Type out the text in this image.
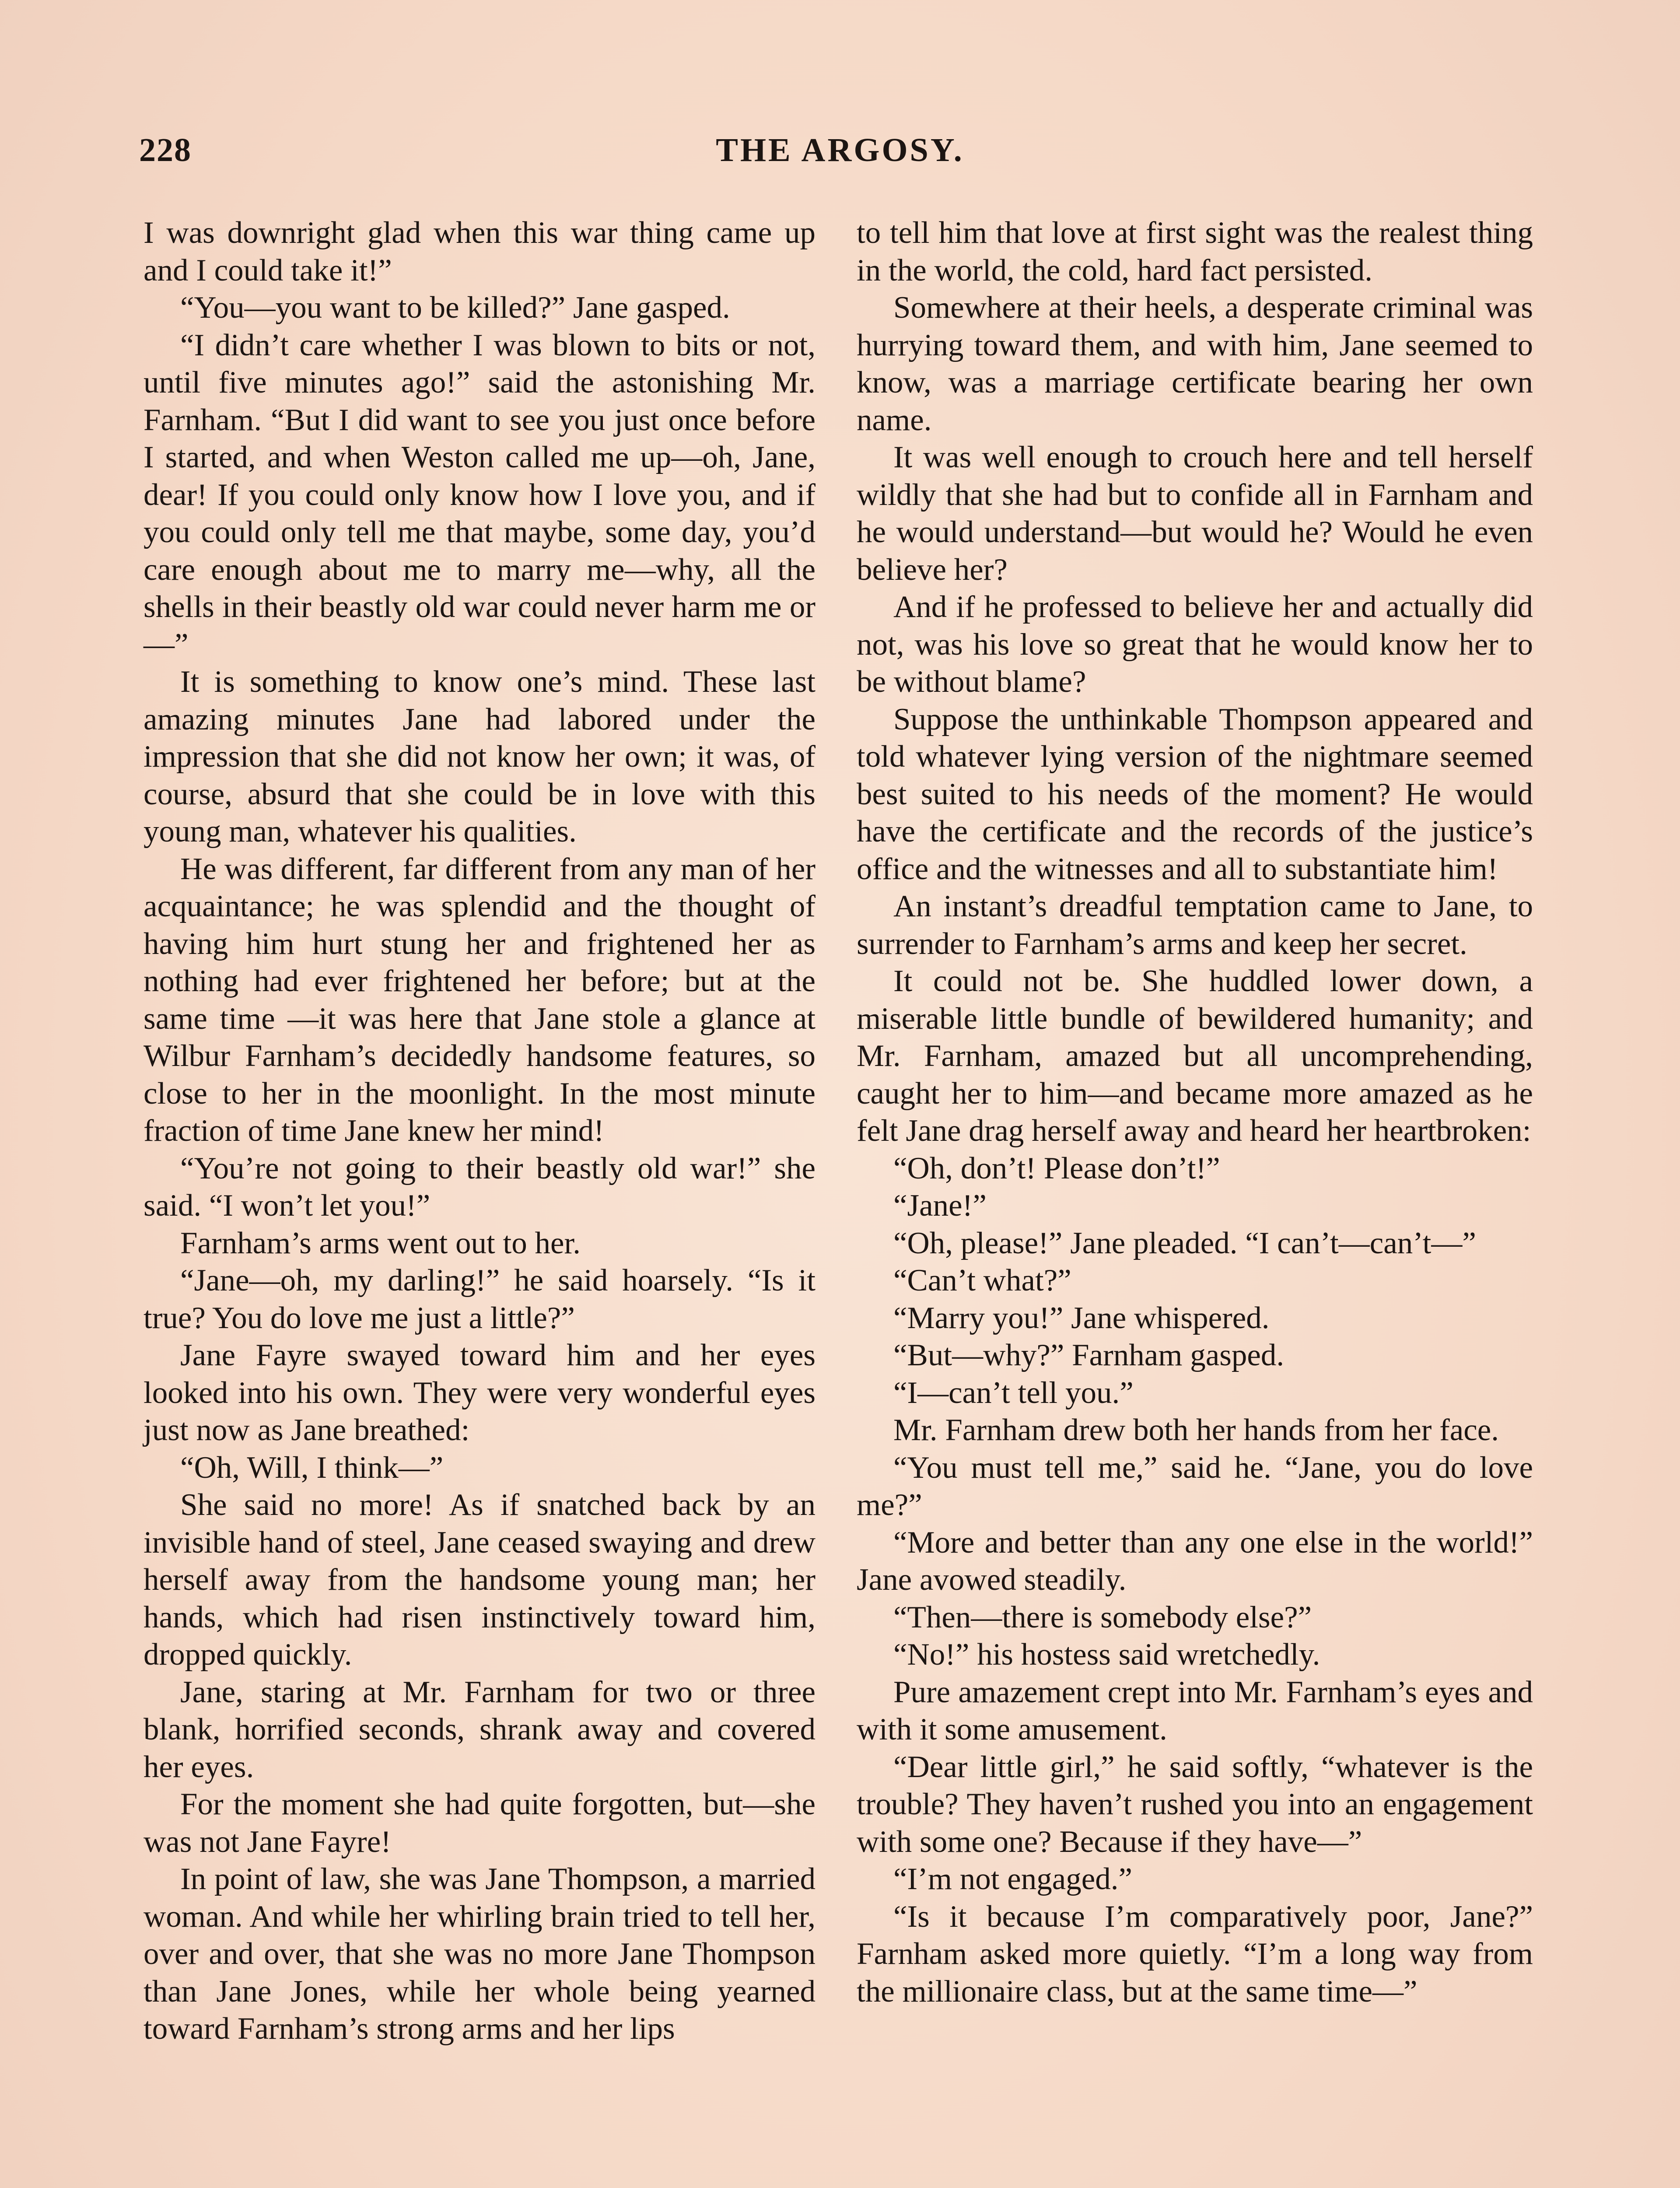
228	THE ARGOSY.

I was downright glad when this war thing came up and I could take it!”

“You—you want to be killed?” Jane gasped.

“I didn’t care whether I was blown to bits or not, until five minutes ago!” said the astonishing Mr. Farnham. “But I did want to see you just once before I started, and when Weston called me up—oh, Jane, dear! If you could only know how I love you, and if you could only tell me that maybe, some day, you’d care enough about me to marry me—why, all the shells in their beastly old war could never harm me or—”

It is something to know one’s mind. These last amazing minutes Jane had labored under the impression that she did not know her own; it was, of course, absurd that she could be in love with this young man, whatever his qualities.

He was different, far different from any man of her acquaintance; he was splendid and the thought of having him hurt stung her and frightened her as nothing had ever frightened her before; but at the same time —it was here that Jane stole a glance at Wilbur Farnham’s decidedly handsome features, so close to her in the moonlight. In the most minute fraction of time Jane knew her mind!

“You’re not going to their beastly old war!” she said. “I won’t let you!”

Farnham’s arms went out to her.

“Jane—oh, my darling!” he said hoarsely. “Is it true? You do love me just a little?”

Jane Fayre swayed toward him and her eyes looked into his own. They were very wonderful eyes just now as Jane breathed:

“Oh, Will, I think—”

She said no more! As if snatched back by an invisible hand of steel, Jane ceased swaying and drew herself away from the handsome young man; her hands, which had risen instinctively toward him, dropped quickly.

Jane, staring at Mr. Farnham for two or three blank, horrified seconds, shrank away and covered her eyes.

For the moment she had quite forgotten, but—she was not Jane Fayre!

In point of law, she was Jane Thompson, a married woman. And while her whirling brain tried to tell her, over and over, that she was no more Jane Thompson than Jane Jones, while her whole being yearned toward Farnham’s strong arms and her lips

to tell him that love at first sight was the realest thing in the world, the cold, hard fact persisted.

Somewhere at their heels, a desperate criminal was hurrying toward them, and with him, Jane seemed to know, was a marriage certificate bearing her own name.

It was well enough to crouch here and tell herself wildly that she had but to confide all in Farnham and he would understand—but would he? Would he even believe her?

And if he professed to believe her and actually did not, was his love so great that he would know her to be without blame?

Suppose the unthinkable Thompson appeared and told whatever lying version of the nightmare seemed best suited to his needs of the moment? He would have the certificate and the records of the justice’s office and the witnesses and all to substantiate him!

An instant’s dreadful temptation came to Jane, to surrender to Farnham’s arms and keep her secret.

It could not be. She huddled lower down, a miserable little bundle of bewildered humanity; and Mr. Farnham, amazed but all uncomprehending, caught her to him—and became more amazed as he felt Jane drag herself away and heard her heartbroken:

“Oh, don’t! Please don’t!”

“Jane!”

“Oh, please!” Jane pleaded. “I can’t—can’t—”

“Can’t what?”

“Marry you!” Jane whispered.

“But—why?” Farnham gasped.

“I—can’t tell you.”

Mr. Farnham drew both her hands from her face.

“You must tell me,” said he. “Jane, you do love me?”

“More and better than any one else in the world!” Jane avowed steadily.

“Then—there is somebody else?”

“No!” his hostess said wretchedly.

Pure amazement crept into Mr. Farnham’s eyes and with it some amusement.

“Dear little girl,” he said softly, “whatever is the trouble? They haven’t rushed you into an engagement with some one? Because if they have—”

“I’m not engaged.”

“Is it because I’m comparatively poor, Jane?” Farnham asked more quietly. “I’m a long way from the millionaire class, but at the same time—”
